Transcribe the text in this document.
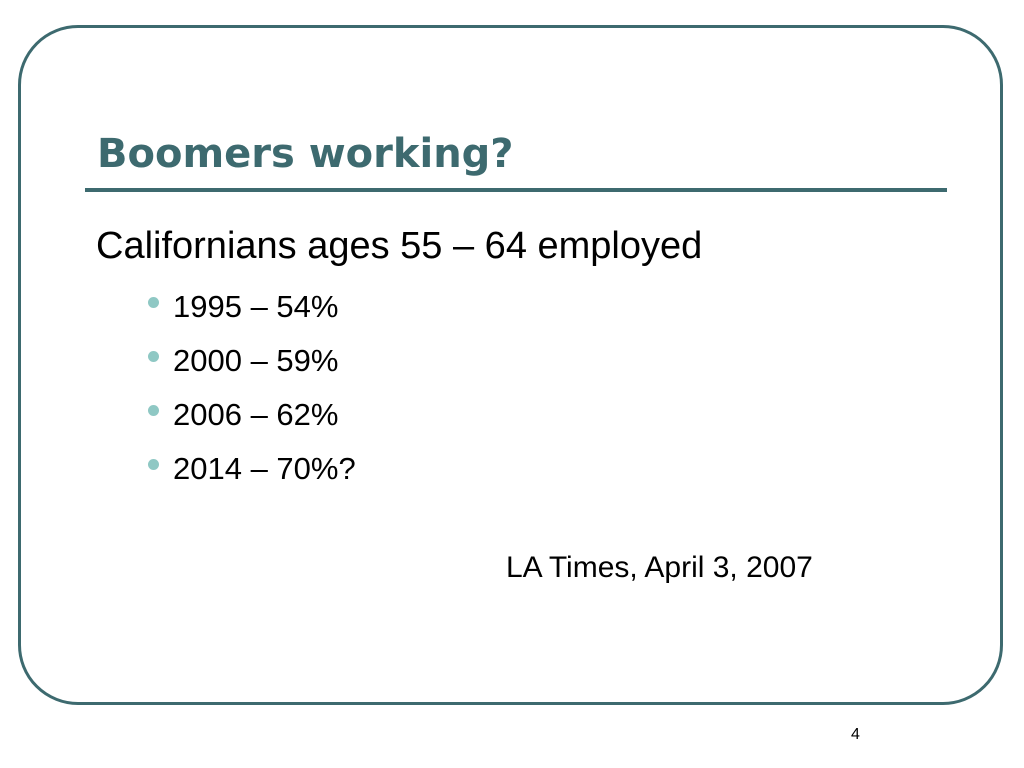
Boomers working?

Californians ages 55 – 64 employed

1995 – 54%
2000 – 59%
2006 – 62%
2014 – 70%?

LA Times, April 3, 2007

4
